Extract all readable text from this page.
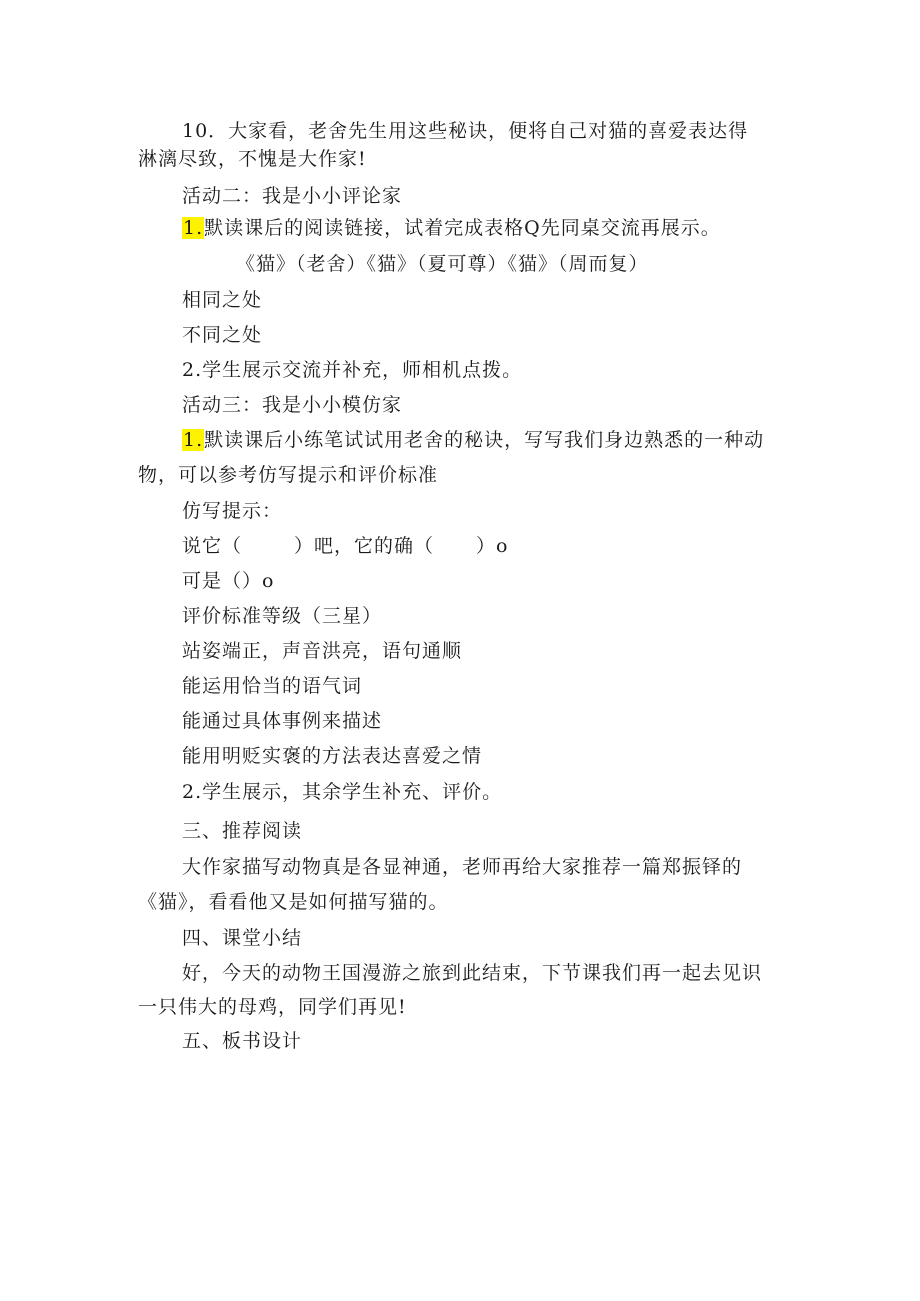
10．大家看，老舍先生用这些秘诀，便将自己对猫的喜爱表达得
淋漓尽致，不愧是大作家!
活动二：我是小小评论家
1.默读课后的阅读链接，试着完成表格Q先同桌交流再展示。
《猫》（老舍）《猫》（夏可尊）《猫》（周而复）
相同之处
不同之处
2.学生展示交流并补充，师相机点拨。
活动三：我是小小模仿家
1.默读课后小练笔试试用老舍的秘诀，写写我们身边熟悉的一种动
物，可以参考仿写提示和评价标准
仿写提示：
说它（	）吧，它的确（ ）o
可是（）o
评价标准等级（三星）
站姿端正，声音洪亮，语句通顺
能运用恰当的语气词
能通过具体事例来描述
能用明贬实褒的方法表达喜爱之情
2.学生展示，其余学生补充、评价。
三、推荐阅读
大作家描写动物真是各显神通，老师再给大家推荐一篇郑振铎的
《猫》，看看他又是如何描写猫的。
四、课堂小结
好，今天的动物王国漫游之旅到此结束，下节课我们再一起去见识
一只伟大的母鸡，同学们再见!
五、板书设计
